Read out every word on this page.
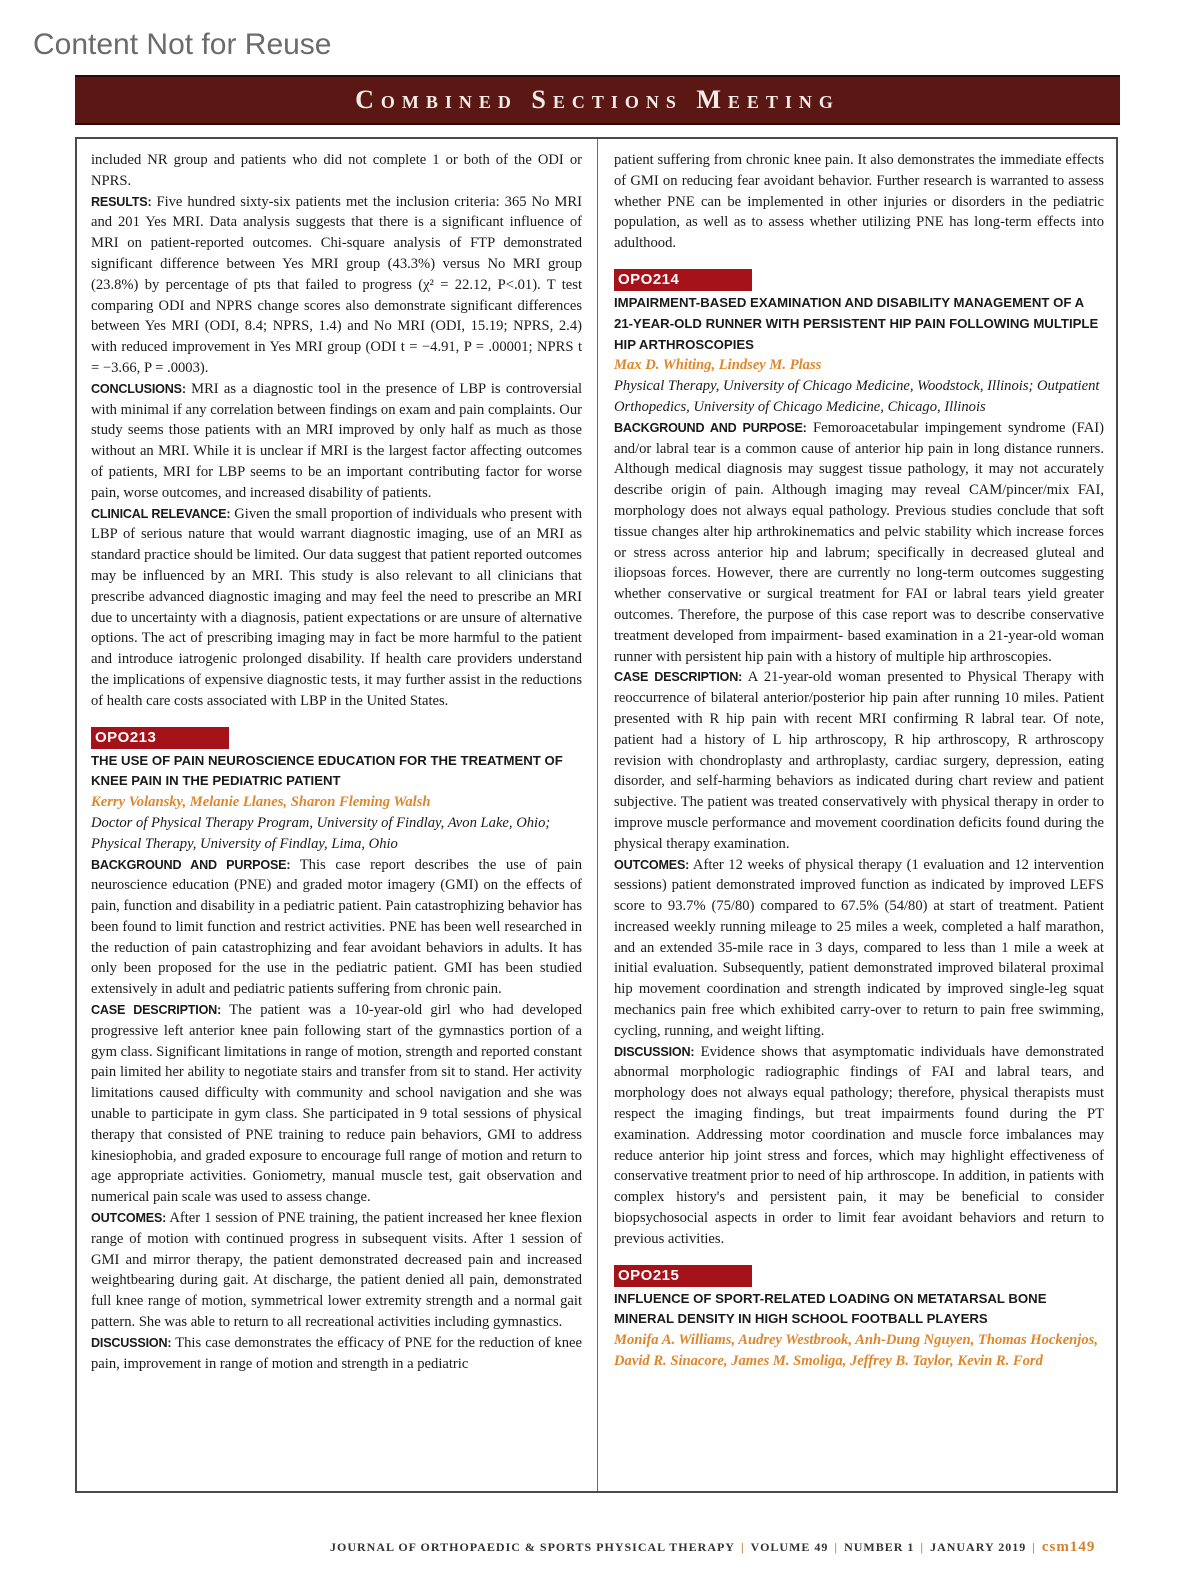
Content Not for Reuse
Combined Sections Meeting

included NR group and patients who did not complete 1 or both of the ODI or NPRS.

RESULTS: Five hundred sixty-six patients met the inclusion criteria: 365 No MRI and 201 Yes MRI. Data analysis suggests that there is a significant influence of MRI on patient-reported outcomes. Chi-square analysis of FTP demonstrated significant difference between Yes MRI group (43.3%) versus No MRI group (23.8%) by percentage of pts that failed to progress (χ² = 22.12, P<.01). T test comparing ODI and NPRS change scores also demonstrate significant differences between Yes MRI (ODI, 8.4; NPRS, 1.4) and No MRI (ODI, 15.19; NPRS, 2.4) with reduced improvement in Yes MRI group (ODI t = −4.91, P = .00001; NPRS t = −3.66, P = .0003).

CONCLUSIONS: MRI as a diagnostic tool in the presence of LBP is controversial with minimal if any correlation between findings on exam and pain complaints. Our study seems those patients with an MRI improved by only half as much as those without an MRI. While it is unclear if MRI is the largest factor affecting outcomes of patients, MRI for LBP seems to be an important contributing factor for worse pain, worse outcomes, and increased disability of patients.

CLINICAL RELEVANCE: Given the small proportion of individuals who present with LBP of serious nature that would warrant diagnostic imaging, use of an MRI as standard practice should be limited. Our data suggest that patient reported outcomes may be influenced by an MRI. This study is also relevant to all clinicians that prescribe advanced diagnostic imaging and may feel the need to prescribe an MRI due to uncertainty with a diagnosis, patient expectations or are unsure of alternative options. The act of prescribing imaging may in fact be more harmful to the patient and introduce iatrogenic prolonged disability. If health care providers understand the implications of expensive diagnostic tests, it may further assist in the reductions of health care costs associated with LBP in the United States.

OPO213
THE USE OF PAIN NEUROSCIENCE EDUCATION FOR THE TREATMENT OF KNEE PAIN IN THE PEDIATRIC PATIENT
Kerry Volansky, Melanie Llanes, Sharon Fleming Walsh
Doctor of Physical Therapy Program, University of Findlay, Avon Lake, Ohio; Physical Therapy, University of Findlay, Lima, Ohio

BACKGROUND AND PURPOSE: This case report describes the use of pain neuroscience education (PNE) and graded motor imagery (GMI) on the effects of pain, function and disability in a pediatric patient. Pain catastrophizing behavior has been found to limit function and restrict activities. PNE has been well researched in the reduction of pain catastrophizing and fear avoidant behaviors in adults. It has only been proposed for the use in the pediatric patient. GMI has been studied extensively in adult and pediatric patients suffering from chronic pain.

CASE DESCRIPTION: The patient was a 10-year-old girl who had developed progressive left anterior knee pain following start of the gymnastics portion of a gym class. Significant limitations in range of motion, strength and reported constant pain limited her ability to negotiate stairs and transfer from sit to stand. Her activity limitations caused difficulty with community and school navigation and she was unable to participate in gym class. She participated in 9 total sessions of physical therapy that consisted of PNE training to reduce pain behaviors, GMI to address kinesiophobia, and graded exposure to encourage full range of motion and return to age appropriate activities. Goniometry, manual muscle test, gait observation and numerical pain scale was used to assess change.

OUTCOMES: After 1 session of PNE training, the patient increased her knee flexion range of motion with continued progress in subsequent visits. After 1 session of GMI and mirror therapy, the patient demonstrated decreased pain and increased weightbearing during gait. At discharge, the patient denied all pain, demonstrated full knee range of motion, symmetrical lower extremity strength and a normal gait pattern. She was able to return to all recreational activities including gymnastics.

DISCUSSION: This case demonstrates the efficacy of PNE for the reduction of knee pain, improvement in range of motion and strength in a pediatric

patient suffering from chronic knee pain. It also demonstrates the immediate effects of GMI on reducing fear avoidant behavior. Further research is warranted to assess whether PNE can be implemented in other injuries or disorders in the pediatric population, as well as to assess whether utilizing PNE has long-term effects into adulthood.

OPO214
IMPAIRMENT-BASED EXAMINATION AND DISABILITY MANAGEMENT OF A 21-YEAR-OLD RUNNER WITH PERSISTENT HIP PAIN FOLLOWING MULTIPLE HIP ARTHROSCOPIES
Max D. Whiting, Lindsey M. Plass
Physical Therapy, University of Chicago Medicine, Woodstock, Illinois; Outpatient Orthopedics, University of Chicago Medicine, Chicago, Illinois

BACKGROUND AND PURPOSE: Femoroacetabular impingement syndrome (FAI) and/or labral tear is a common cause of anterior hip pain in long distance runners. Although medical diagnosis may suggest tissue pathology, it may not accurately describe origin of pain. Although imaging may reveal CAM/pincer/mix FAI, morphology does not always equal pathology. Previous studies conclude that soft tissue changes alter hip arthrokinematics and pelvic stability which increase forces or stress across anterior hip and labrum; specifically in decreased gluteal and iliopsoas forces. However, there are currently no long-term outcomes suggesting whether conservative or surgical treatment for FAI or labral tears yield greater outcomes. Therefore, the purpose of this case report was to describe conservative treatment developed from impairment- based examination in a 21-year-old woman runner with persistent hip pain with a history of multiple hip arthroscopies.

CASE DESCRIPTION: A 21-year-old woman presented to Physical Therapy with reoccurrence of bilateral anterior/posterior hip pain after running 10 miles. Patient presented with R hip pain with recent MRI confirming R labral tear. Of note, patient had a history of L hip arthroscopy, R hip arthroscopy, R arthroscopy revision with chondroplasty and arthroplasty, cardiac surgery, depression, eating disorder, and self-harming behaviors as indicated during chart review and patient subjective. The patient was treated conservatively with physical therapy in order to improve muscle performance and movement coordination deficits found during the physical therapy examination.

OUTCOMES: After 12 weeks of physical therapy (1 evaluation and 12 intervention sessions) patient demonstrated improved function as indicated by improved LEFS score to 93.7% (75/80) compared to 67.5% (54/80) at start of treatment. Patient increased weekly running mileage to 25 miles a week, completed a half marathon, and an extended 35-mile race in 3 days, compared to less than 1 mile a week at initial evaluation. Subsequently, patient demonstrated improved bilateral proximal hip movement coordination and strength indicated by improved single-leg squat mechanics pain free which exhibited carry-over to return to pain free swimming, cycling, running, and weight lifting.

DISCUSSION: Evidence shows that asymptomatic individuals have demonstrated abnormal morphologic radiographic findings of FAI and labral tears, and morphology does not always equal pathology; therefore, physical therapists must respect the imaging findings, but treat impairments found during the PT examination. Addressing motor coordination and muscle force imbalances may reduce anterior hip joint stress and forces, which may highlight effectiveness of conservative treatment prior to need of hip arthroscope. In addition, in patients with complex history's and persistent pain, it may be beneficial to consider biopsychosocial aspects in order to limit fear avoidant behaviors and return to previous activities.

OPO215
INFLUENCE OF SPORT-RELATED LOADING ON METATARSAL BONE MINERAL DENSITY IN HIGH SCHOOL FOOTBALL PLAYERS
Monifa A. Williams, Audrey Westbrook, Anh-Dung Nguyen, Thomas Hockenjos, David R. Sinacore, James M. Smoliga, Jeffrey B. Taylor, Kevin R. Ford
JOURNAL OF ORTHOPAEDIC & SPORTS PHYSICAL THERAPY | VOLUME 49 | NUMBER 1 | JANUARY 2019 | csm149
